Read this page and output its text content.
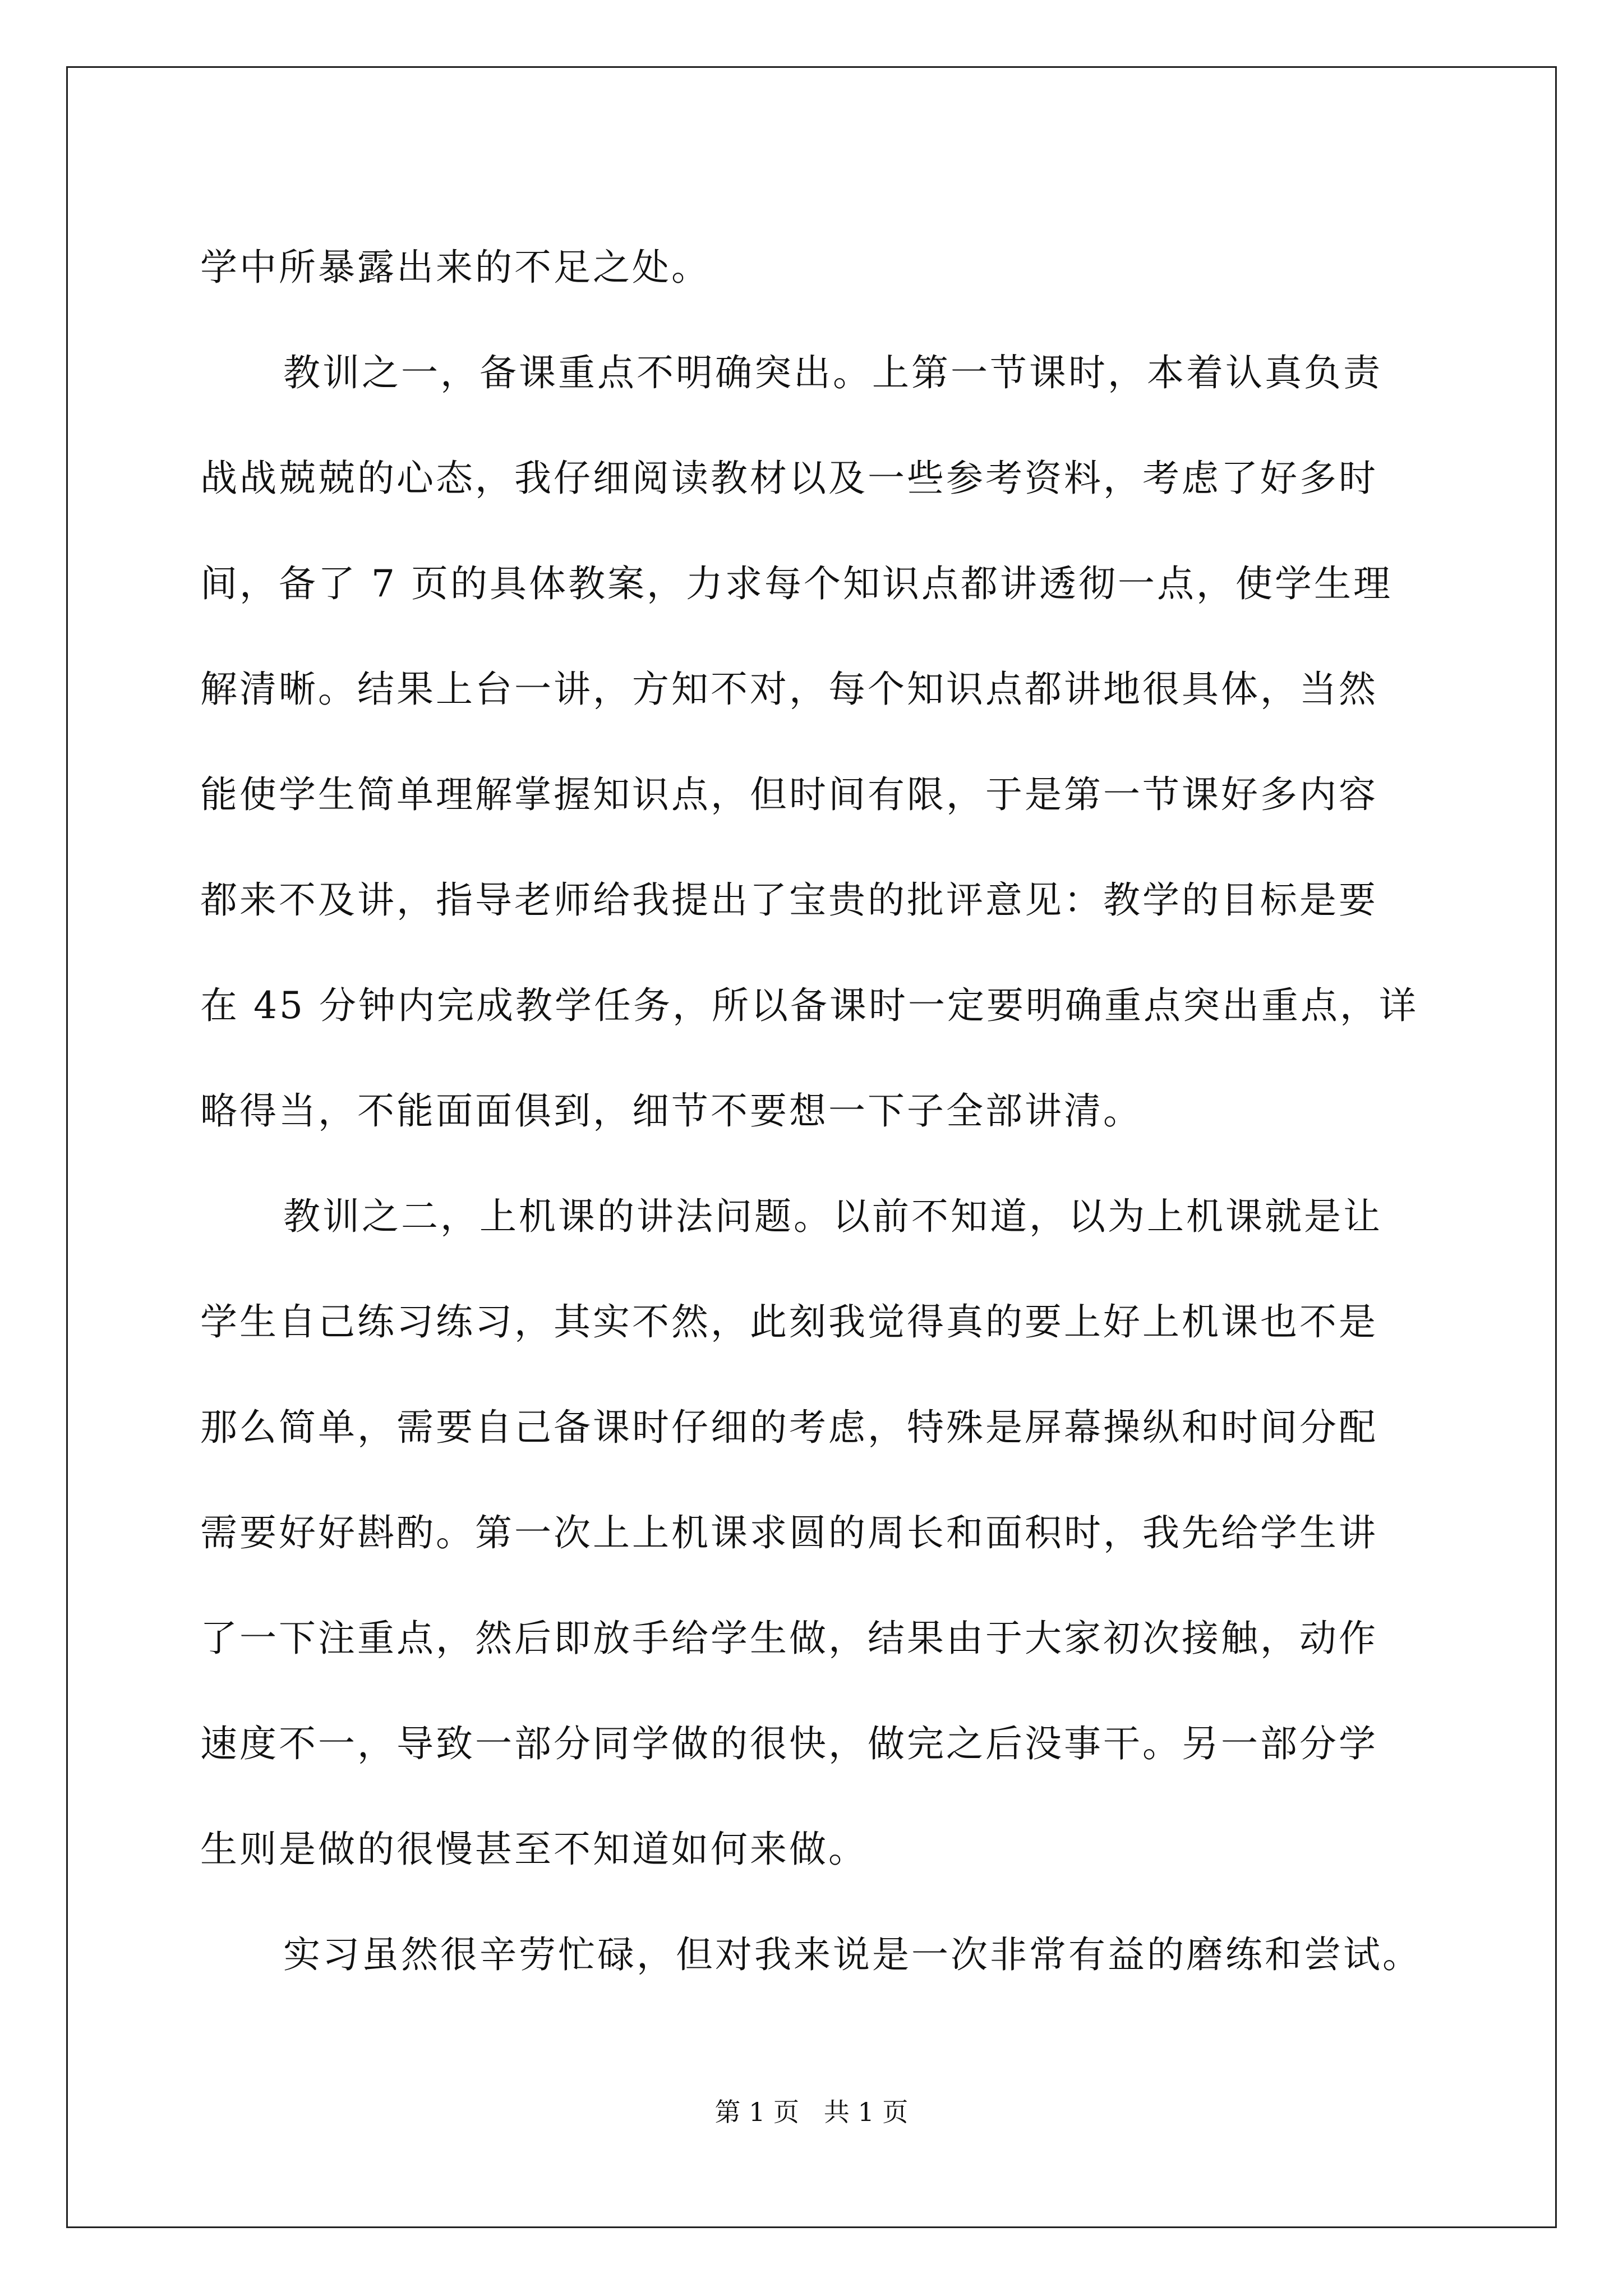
学中所暴露出来的不足之处。
教训之一，备课重点不明确突出。上第一节课时，本着认真负责
战战兢兢的心态，我仔细阅读教材以及一些参考资料，考虑了好多时
间，备了 7 页的具体教案，力求每个知识点都讲透彻一点，使学生理
解清晰。结果上台一讲，方知不对，每个知识点都讲地很具体，当然
能使学生简单理解掌握知识点，但时间有限，于是第一节课好多内容
都来不及讲，指导老师给我提出了宝贵的批评意见：教学的目标是要
在 45 分钟内完成教学任务，所以备课时一定要明确重点突出重点，详
略得当，不能面面俱到，细节不要想一下子全部讲清。
教训之二，上机课的讲法问题。以前不知道，以为上机课就是让
学生自己练习练习，其实不然，此刻我觉得真的要上好上机课也不是
那么简单，需要自己备课时仔细的考虑，特殊是屏幕操纵和时间分配
需要好好斟酌。第一次上上机课求圆的周长和面积时，我先给学生讲
了一下注重点，然后即放手给学生做，结果由于大家初次接触，动作
速度不一，导致一部分同学做的很快，做完之后没事干。另一部分学
生则是做的很慢甚至不知道如何来做。
实习虽然很辛劳忙碌，但对我来说是一次非常有益的磨练和尝试。
第 1 页   共 1 页
